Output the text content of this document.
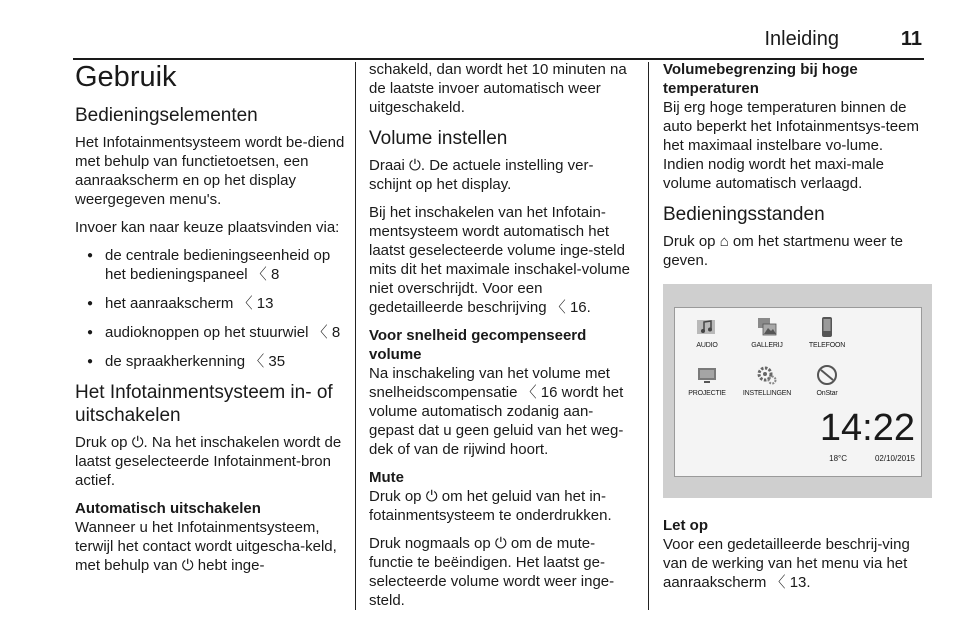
Inleiding	11
Gebruik
Bedieningselementen

Het Infotainmentsysteem wordt be-diend met behulp van functietoetsen, een aanraakscherm en op het display weergegeven menu's.

Invoer kan naar keuze plaatsvinden via:

● de centrale bedieningseenheid op het bedieningspaneel 〈 8
● het aanraakscherm 〈 13
● audioknoppen op het stuurwiel 〈 8
● de spraakherkenning 〈 35
Het Infotainmentsysteem in- of uitschakelen

Druk op ⏻. Na het inschakelen wordt de laatst geselecteerde Infotainment-bron actief.

Automatisch uitschakelen

Wanneer u het Infotainmentsysteem, terwijl het contact wordt uitgescha-keld, met behulp van ⏻ hebt inge-

schakeld, dan wordt het 10 minuten na de laatste invoer automatisch weer uitgeschakeld.

Volume instellen

Draai ⏻. De actuele instelling ver-schijnt op het display.

Bij het inschakelen van het Infotain-mentsysteem wordt automatisch het laatst geselecteerde volume inge-steld mits dit het maximale inschakel-volume niet overschrijdt. Voor een gedetailleerde beschrijving 〈 16.

Voor snelheid gecompenseerd volume

Na inschakeling van het volume met snelheidscompensatie 〈 16 wordt het volume automatisch zodanig aan-gepast dat u geen geluid van het weg-dek of van de rijwind hoort.

Mute

Druk op ⏻ om het geluid van het in-fotainmentsysteem te onderdrukken.

Druk nogmaals op ⏻ om de mute-functie te beëindigen. Het laatst ge-selecteerde volume wordt weer inge-steld.

Volumebegrenzing bij hoge temperaturen

Bij erg hoge temperaturen binnen de auto beperkt het Infotainmentsys-teem het maximaal instelbare vo-lume. Indien nodig wordt het maxi-male volume automatisch verlaagd.

Bedieningsstanden

Druk op ⌂ om het startmenu weer te geven.

AUDIO	GALLERIJ	TELEFOON
PROJECTIE	INSTELLINGEN	OnStar
14:22
18°C	02/10/2015
Let op

Voor een gedetailleerde beschrij-ving van de werking van het menu via het aanraakscherm 〈 13.
